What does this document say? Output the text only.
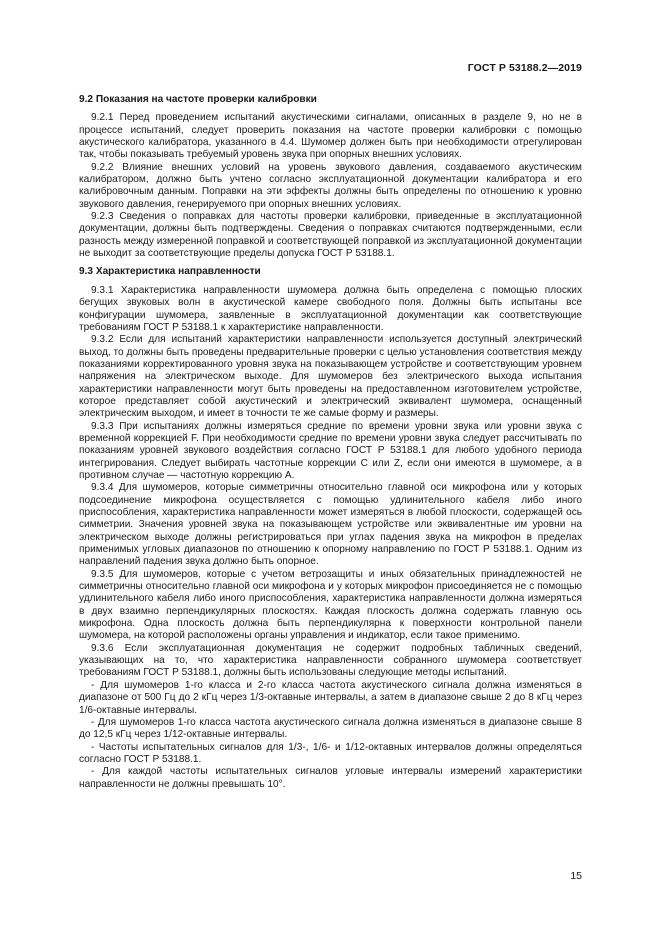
ГОСТ Р 53188.2—2019

9.2 Показания на частоте проверки калибровки

9.2.1 Перед проведением испытаний акустическими сигналами, описанных в разделе 9, но не в процессе испытаний, следует проверить показания на частоте проверки калибровки с помощью акустического калибратора, указанного в 4.4. Шумомер должен быть при необходимости отрегулирован так, чтобы показывать требуемый уровень звука при опорных внешних условиях.

9.2.2 Влияние внешних условий на уровень звукового давления, создаваемого акустическим калибратором, должно быть учтено согласно эксплуатационной документации калибратора и его калибровочным данным. Поправки на эти эффекты должны быть определены по отношению к уровню звукового давления, генерируемого при опорных внешних условиях.

9.2.3 Сведения о поправках для частоты проверки калибровки, приведенные в эксплуатационной документации, должны быть подтверждены. Сведения о поправках считаются подтвержденными, если разность между измеренной поправкой и соответствующей поправкой из эксплуатационной документации не выходит за соответствующие пределы допуска ГОСТ Р 53188.1.

9.3 Характеристика направленности

9.3.1 Характеристика направленности шумомера должна быть определена с помощью плоских бегущих звуковых волн в акустической камере свободного поля. Должны быть испытаны все конфигурации шумомера, заявленные в эксплуатационной документации как соответствующие требованиям ГОСТ Р 53188.1 к характеристике направленности.

9.3.2 Если для испытаний характеристики направленности используется доступный электрический выход, то должны быть проведены предварительные проверки с целью установления соответствия между показаниями корректированного уровня звука на показывающем устройстве и соответствующим уровнем напряжения на электрическом выходе. Для шумомеров без электрического выхода испытания характеристики направленности могут быть проведены на предоставленном изготовителем устройстве, которое представляет собой акустический и электрический эквивалент шумомера, оснащенный электрическим выходом, и имеет в точности те же самые форму и размеры.

9.3.3 При испытаниях должны измеряться средние по времени уровни звука или уровни звука с временной коррекцией F. При необходимости средние по времени уровни звука следует рассчитывать по показаниям уровней звукового воздействия согласно ГОСТ Р 53188.1 для любого удобного периода интегрирования. Следует выбирать частотные коррекции C или Z, если они имеются в шумомере, а в противном случае — частотную коррекцию A.

9.3.4 Для шумомеров, которые симметричны относительно главной оси микрофона или у которых подсоединение микрофона осуществляется с помощью удлинительного кабеля либо иного приспособления, характеристика направленности может измеряться в любой плоскости, содержащей ось симметрии. Значения уровней звука на показывающем устройстве или эквивалентные им уровни на электрическом выходе должны регистрироваться при углах падения звука на микрофон в пределах применимых угловых диапазонов по отношению к опорному направлению по ГОСТ Р 53188.1. Одним из направлений падения звука должно быть опорное.

9.3.5 Для шумомеров, которые с учетом ветрозащиты и иных обязательных принадлежностей не симметричны относительно главной оси микрофона и у которых микрофон присоединяется не с помощью удлинительного кабеля либо иного приспособления, характеристика направленности должна измеряться в двух взаимно перпендикулярных плоскостях. Каждая плоскость должна содержать главную ось микрофона. Одна плоскость должна быть перпендикулярна к поверхности контрольной панели шумомера, на которой расположены органы управления и индикатор, если такое применимо.

9.3.6 Если эксплуатационная документация не содержит подробных табличных сведений, указывающих на то, что характеристика направленности собранного шумомера соответствует требованиям ГОСТ Р 53188.1, должны быть использованы следующие методы испытаний.

- Для шумомеров 1-го класса и 2-го класса частота акустического сигнала должна изменяться в диапазоне от 500 Гц до 2 кГц через 1/3-октавные интервалы, а затем в диапазоне свыше 2 до 8 кГц через 1/6-октавные интервалы.

- Для шумомеров 1-го класса частота акустического сигнала должна изменяться в диапазоне свыше 8 до 12,5 кГц через 1/12-октавные интервалы.

- Частоты испытательных сигналов для 1/3-, 1/6- и 1/12-октавных интервалов должны определяться согласно ГОСТ Р 53188.1.

- Для каждой частоты испытательных сигналов угловые интервалы измерений характеристики направленности не должны превышать 10°.

15
